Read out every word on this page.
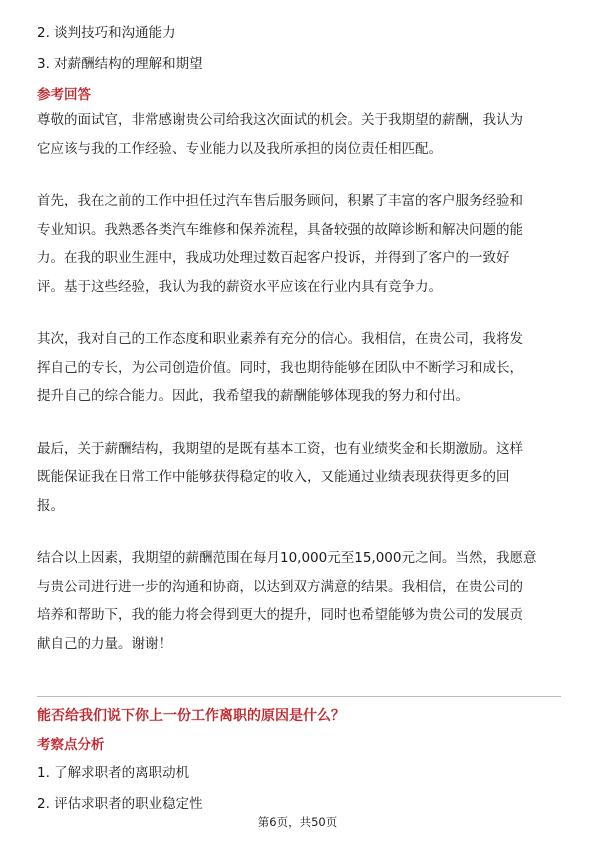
2. 谈判技巧和沟通能力
3. 对薪酬结构的理解和期望
参考回答
尊敬的面试官，非常感谢贵公司给我这次面试的机会。关于我期望的薪酬，我认为
它应该与我的工作经验、专业能力以及我所承担的岗位责任相匹配。
首先，我在之前的工作中担任过汽车售后服务顾问，积累了丰富的客户服务经验和
专业知识。我熟悉各类汽车维修和保养流程，具备较强的故障诊断和解决问题的能
力。在我的职业生涯中，我成功处理过数百起客户投诉，并得到了客户的一致好
评。基于这些经验，我认为我的薪资水平应该在行业内具有竞争力。
其次，我对自己的工作态度和职业素养有充分的信心。我相信，在贵公司，我将发
挥自己的专长，为公司创造价值。同时，我也期待能够在团队中不断学习和成长，
提升自己的综合能力。因此，我希望我的薪酬能够体现我的努力和付出。
最后，关于薪酬结构，我期望的是既有基本工资，也有业绩奖金和长期激励。这样
既能保证我在日常工作中能够获得稳定的收入，又能通过业绩表现获得更多的回
报。
结合以上因素，我期望的薪酬范围在每月10,000元至15,000元之间。当然，我愿意
与贵公司进行进一步的沟通和协商，以达到双方满意的结果。我相信，在贵公司的
培养和帮助下，我的能力将会得到更大的提升，同时也希望能够为贵公司的发展贡
献自己的力量。谢谢！
能否给我们说下你上一份工作离职的原因是什么？
考察点分析
1. 了解求职者的离职动机
2. 评估求职者的职业稳定性
第6页，共50页
